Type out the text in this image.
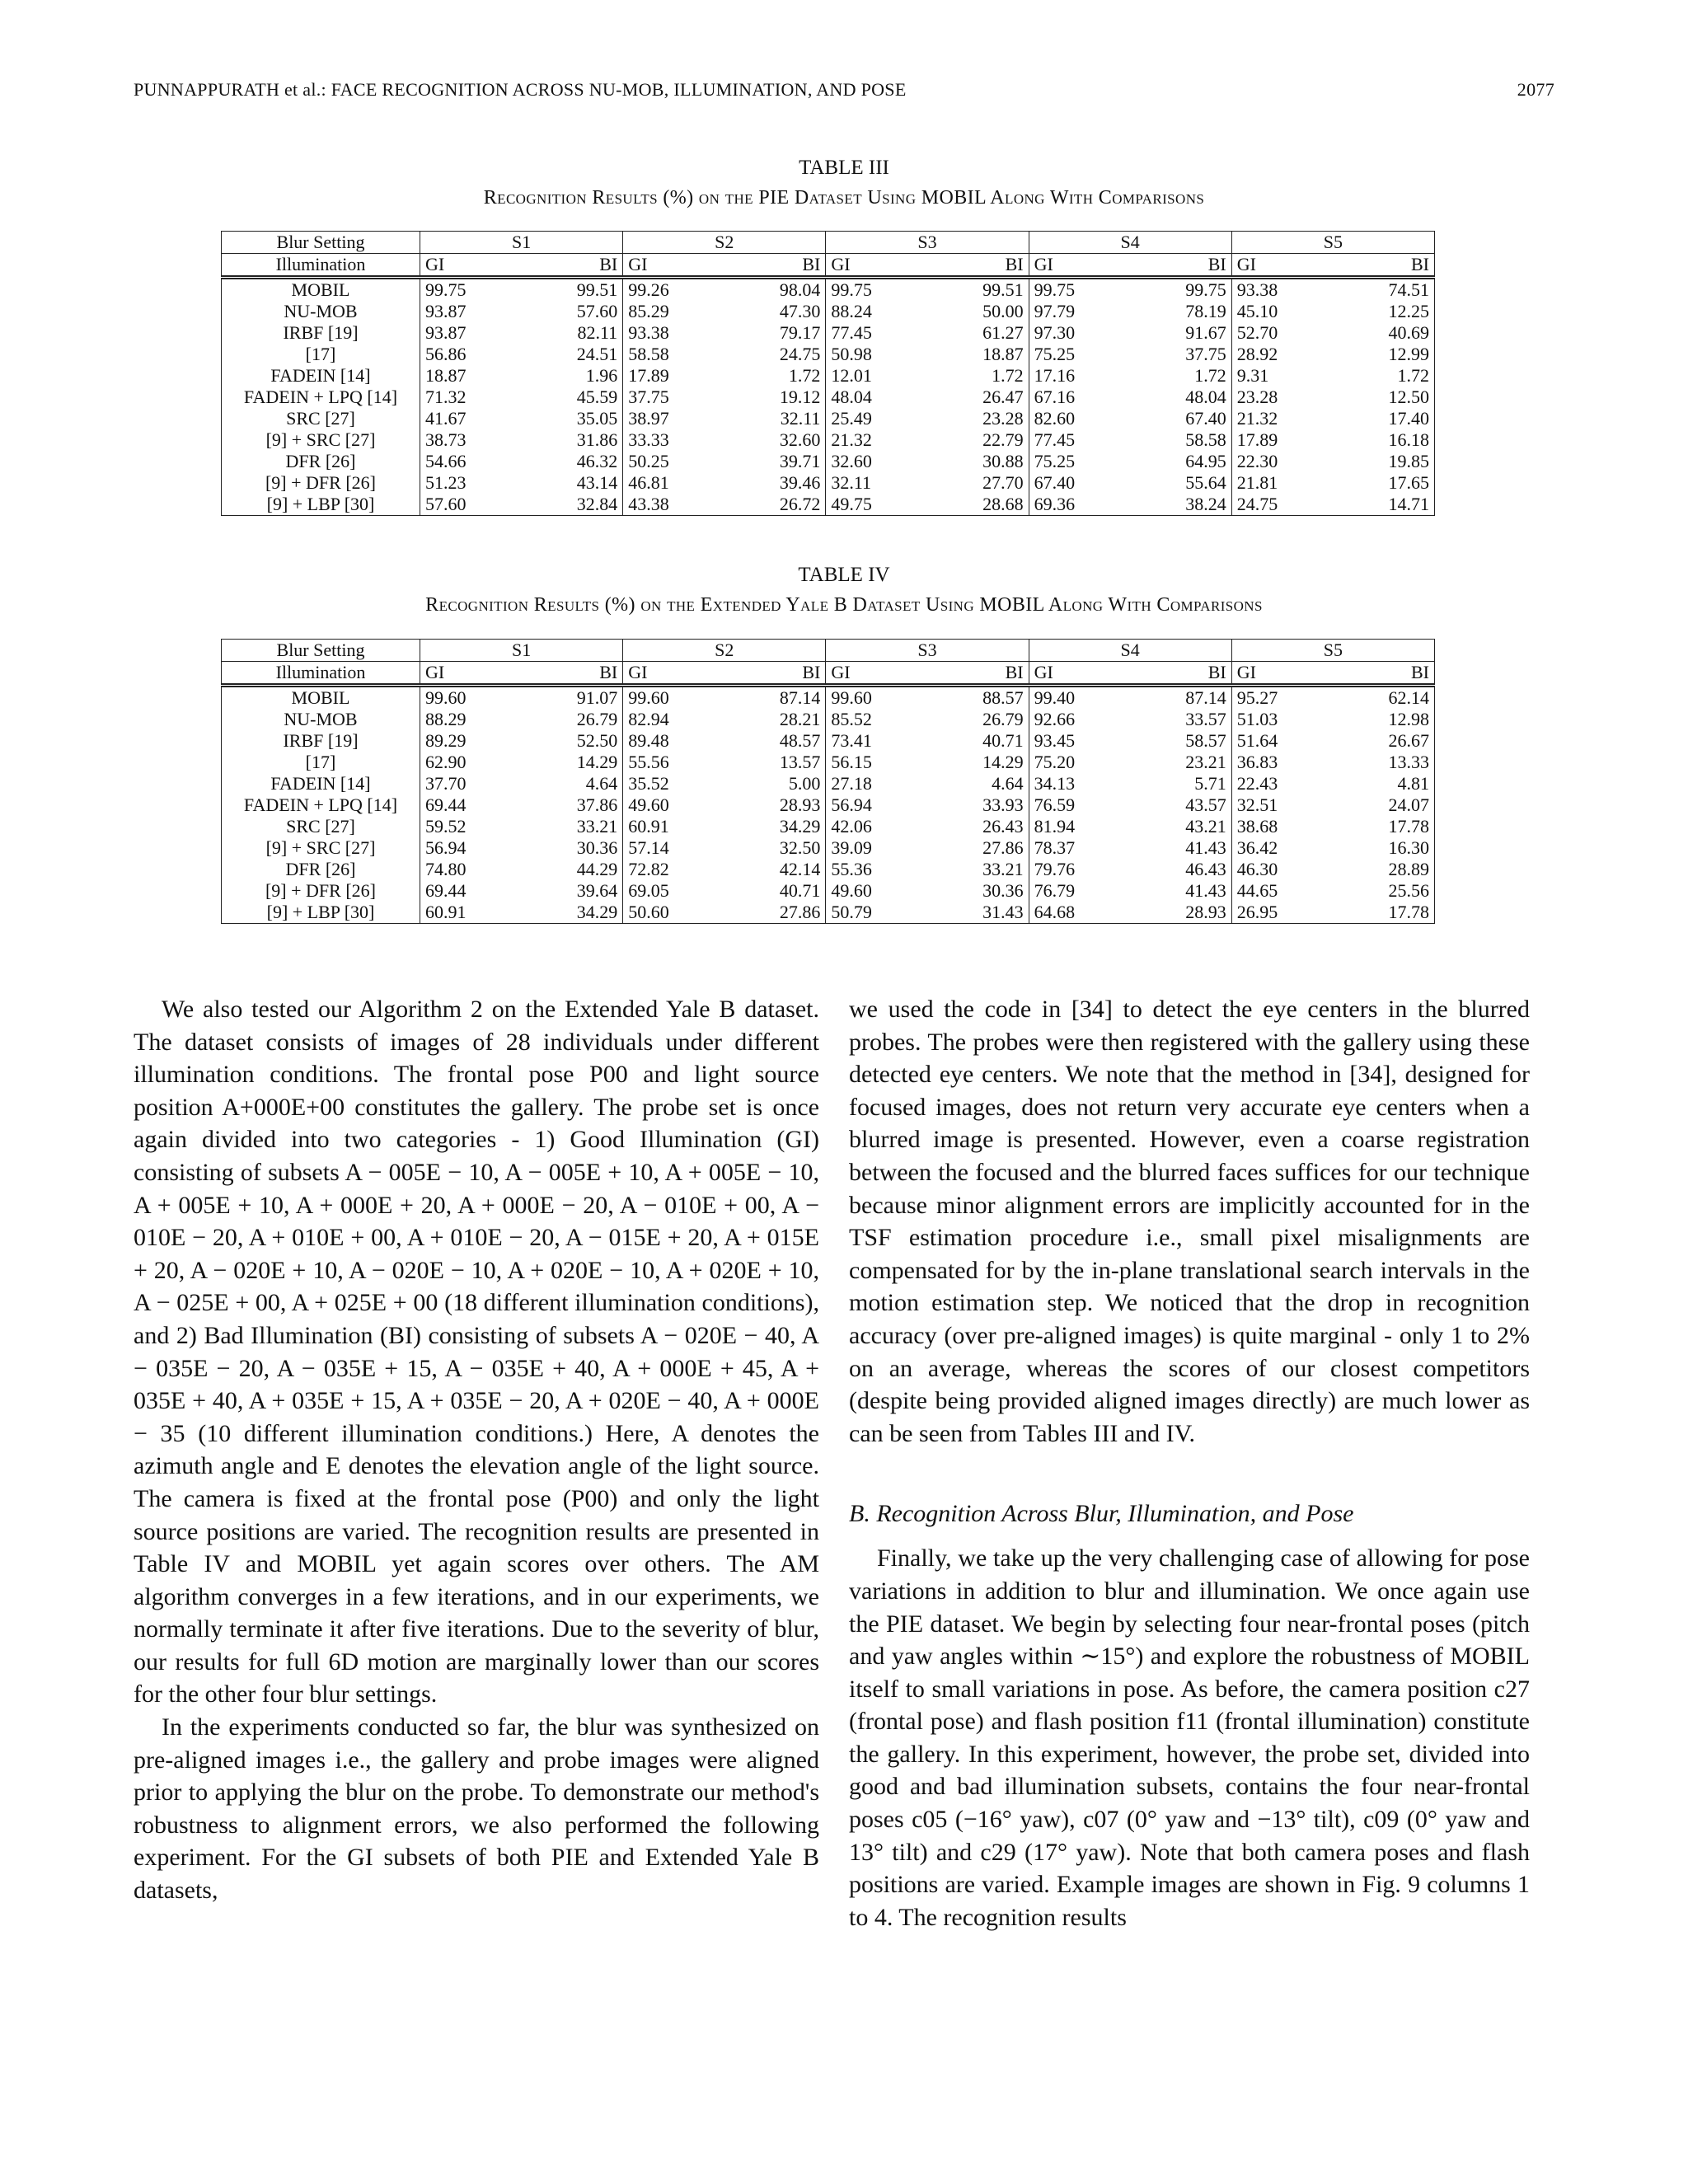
PUNNAPPURATH et al.: FACE RECOGNITION ACROSS NU-MOB, ILLUMINATION, AND POSE	2077
TABLE III
Recognition Results (%) on the PIE Dataset Using MOBIL Along With Comparisons
Blur Setting	S1		S2		S3		S4		S5	
Illumination	GI	BI	GI	BI	GI	BI	GI	BI	GI	BI
MOBIL	99.75	99.51	99.26	98.04	99.75	99.51	99.75	99.75	93.38	74.51
NU-MOB	93.87	57.60	85.29	47.30	88.24	50.00	97.79	78.19	45.10	12.25
IRBF [19]	93.87	82.11	93.38	79.17	77.45	61.27	97.30	91.67	52.70	40.69
[17]	56.86	24.51	58.58	24.75	50.98	18.87	75.25	37.75	28.92	12.99
FADEIN [14]	18.87	1.96	17.89	1.72	12.01	1.72	17.16	1.72	9.31	1.72
FADEIN + LPQ [14]	71.32	45.59	37.75	19.12	48.04	26.47	67.16	48.04	23.28	12.50
SRC [27]	41.67	35.05	38.97	32.11	25.49	23.28	82.60	67.40	21.32	17.40
[9] + SRC [27]	38.73	31.86	33.33	32.60	21.32	22.79	77.45	58.58	17.89	16.18
DFR [26]	54.66	46.32	50.25	39.71	32.60	30.88	75.25	64.95	22.30	19.85
[9] + DFR [26]	51.23	43.14	46.81	39.46	32.11	27.70	67.40	55.64	21.81	17.65
[9] + LBP [30]	57.60	32.84	43.38	26.72	49.75	28.68	69.36	38.24	24.75	14.71
TABLE IV
Recognition Results (%) on the Extended Yale B Dataset Using MOBIL Along With Comparisons
Blur Setting	S1		S2		S3		S4		S5	
Illumination	GI	BI	GI	BI	GI	BI	GI	BI	GI	BI
MOBIL	99.60	91.07	99.60	87.14	99.60	88.57	99.40	87.14	95.27	62.14
NU-MOB	88.29	26.79	82.94	28.21	85.52	26.79	92.66	33.57	51.03	12.98
IRBF [19]	89.29	52.50	89.48	48.57	73.41	40.71	93.45	58.57	51.64	26.67
[17]	62.90	14.29	55.56	13.57	56.15	14.29	75.20	23.21	36.83	13.33
FADEIN [14]	37.70	4.64	35.52	5.00	27.18	4.64	34.13	5.71	22.43	4.81
FADEIN + LPQ [14]	69.44	37.86	49.60	28.93	56.94	33.93	76.59	43.57	32.51	24.07
SRC [27]	59.52	33.21	60.91	34.29	42.06	26.43	81.94	43.21	38.68	17.78
[9] + SRC [27]	56.94	30.36	57.14	32.50	39.09	27.86	78.37	41.43	36.42	16.30
DFR [26]	74.80	44.29	72.82	42.14	55.36	33.21	79.76	46.43	46.30	28.89
[9] + DFR [26]	69.44	39.64	69.05	40.71	49.60	30.36	76.79	41.43	44.65	25.56
[9] + LBP [30]	60.91	34.29	50.60	27.86	50.79	31.43	64.68	28.93	26.95	17.78

We also tested our Algorithm 2 on the Extended Yale B dataset. The dataset consists of images of 28 individuals under different illumination conditions. The frontal pose P00 and light source position A+000E+00 constitutes the gallery. The probe set is once again divided into two categories - 1) Good Illumination (GI) consisting of subsets A − 005E − 10, A − 005E + 10, A + 005E − 10, A + 005E + 10, A + 000E + 20, A + 000E − 20, A − 010E + 00, A − 010E − 20, A + 010E + 00, A + 010E − 20, A − 015E + 20, A + 015E + 20, A − 020E + 10, A − 020E − 10, A + 020E − 10, A + 020E + 10, A − 025E + 00, A + 025E + 00 (18 different illumination conditions), and 2) Bad Illumination (BI) consisting of subsets A − 020E − 40, A − 035E − 20, A − 035E + 15, A − 035E + 40, A + 000E + 45, A + 035E + 40, A + 035E + 15, A + 035E − 20, A + 020E − 40, A + 000E − 35 (10 different illumination conditions.) Here, A denotes the azimuth angle and E denotes the elevation angle of the light source. The camera is fixed at the frontal pose (P00) and only the light source positions are varied. The recognition results are presented in Table IV and MOBIL yet again scores over others. The AM algorithm converges in a few iterations, and in our experiments, we normally terminate it after five iterations. Due to the severity of blur, our results for full 6D motion are marginally lower than our scores for the other four blur settings.

In the experiments conducted so far, the blur was synthesized on pre-aligned images i.e., the gallery and probe images were aligned prior to applying the blur on the probe. To demonstrate our method's robustness to alignment errors, we also performed the following experiment. For the GI subsets of both PIE and Extended Yale B datasets,

we used the code in [34] to detect the eye centers in the blurred probes. The probes were then registered with the gallery using these detected eye centers. We note that the method in [34], designed for focused images, does not return very accurate eye centers when a blurred image is presented. However, even a coarse registration between the focused and the blurred faces suffices for our technique because minor alignment errors are implicitly accounted for in the TSF estimation procedure i.e., small pixel misalignments are compensated for by the in-plane translational search intervals in the motion estimation step. We noticed that the drop in recognition accuracy (over pre-aligned images) is quite marginal - only 1 to 2% on an average, whereas the scores of our closest competitors (despite being provided aligned images directly) are much lower as can be seen from Tables III and IV.

B. Recognition Across Blur, Illumination, and Pose

Finally, we take up the very challenging case of allowing for pose variations in addition to blur and illumination. We once again use the PIE dataset. We begin by selecting four near-frontal poses (pitch and yaw angles within ∼15°) and explore the robustness of MOBIL itself to small variations in pose. As before, the camera position c27 (frontal pose) and flash position f11 (frontal illumination) constitute the gallery. In this experiment, however, the probe set, divided into good and bad illumination subsets, contains the four near-frontal poses c05 (−16° yaw), c07 (0° yaw and −13° tilt), c09 (0° yaw and 13° tilt) and c29 (17° yaw). Note that both camera poses and flash positions are varied. Example images are shown in Fig. 9 columns 1 to 4. The recognition results
